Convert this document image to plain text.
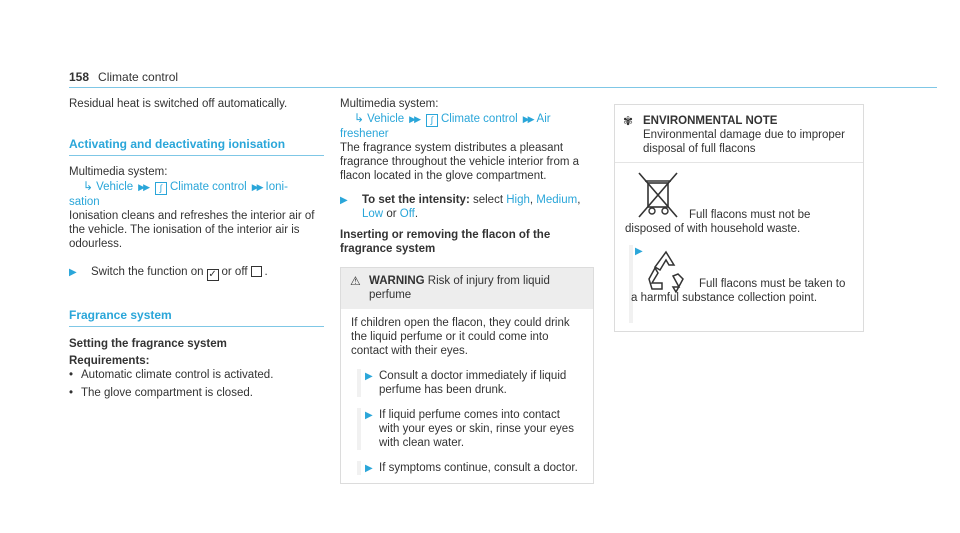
158 Climate control

Residual heat is switched off automatically.

Activating and deactivating ionisation

Multimedia system:

↳ Vehicle ▶▶ ∫ Climate control ▶▶ Ioni-

sation

Ionisation cleans and refreshes the interior air of the vehicle. The ionisation of the interior air is odourless.

▶ Switch the function on ✓ or off .
Fragrance system

Setting the fragrance system

Requirements:

• Automatic climate control is activated.

• The glove compartment is closed.

Multimedia system:

↳ Vehicle ▶▶ ∫ Climate control ▶▶ Air

freshener

The fragrance system distributes a pleasant fragrance throughout the vehicle interior from a flacon located in the glove compartment.

▶ To set the intensity: select High, Medium, Low or Off.

Inserting or removing the flacon of the fragrance system

⚠ WARNING Risk of injury from liquid perfume

If children open the flacon, they could drink the liquid perfume or it could come into contact with their eyes.

▶ Consult a doctor immediately if liquid perfume has been drunk.
▶ If liquid perfume comes into contact with your eyes or skin, rinse your eyes with clean water.
▶ If symptoms continue, consult a doctor.
✾ ENVIRONMENTAL NOTE Environmental damage due to improper disposal of full flacons

Full flacons must not be disposed of with household waste.

▶

Full flacons must be taken to a harmful substance collection point.
